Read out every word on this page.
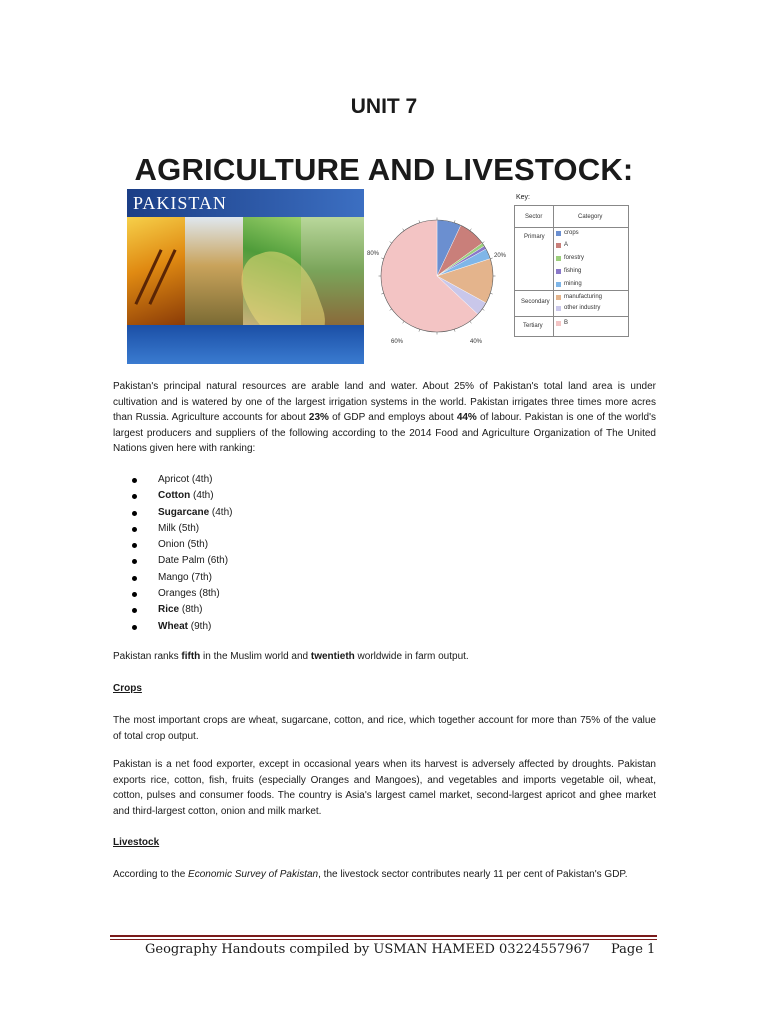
UNIT 7
AGRICULTURE AND LIVESTOCK:
PAKISTAN
20%
40%
60%
80%
Key:
Sector	Category
Primary
Secondary
Tertiary
crops
A
forestry
fishing
mining
manufacturing
other industry
B
Pakistan's principal natural resources are arable land and water. About 25% of Pakistan's total land area is under cultivation and is watered by one of the largest irrigation systems in the world. Pakistan irrigates three times more acres than Russia. Agriculture accounts for about 23% of GDP and employs about 44% of labour. Pakistan is one of the world's largest producers and suppliers of the following according to the 2014 Food and Agriculture Organization of The United Nations given here with ranking:
Apricot (4th)
Cotton (4th)
Sugarcane (4th)
Milk (5th)
Onion (5th)
Date Palm (6th)
Mango (7th)
Oranges (8th)
Rice (8th)
Wheat (9th)
Pakistan ranks fifth in the Muslim world and twentieth worldwide in farm output.
Crops
The most important crops are wheat, sugarcane, cotton, and rice, which together account for more than 75% of the value of total crop output.
Pakistan is a net food exporter, except in occasional years when its harvest is adversely affected by droughts. Pakistan exports rice, cotton, fish, fruits (especially Oranges and Mangoes), and vegetables and imports vegetable oil, wheat, cotton, pulses and consumer foods. The country is Asia's largest camel market, second-largest apricot and ghee market and third-largest cotton, onion and milk market.
Livestock
According to the Economic Survey of Pakistan, the livestock sector contributes nearly 11 per cent of Pakistan's GDP.
Geography Handouts compiled by USMAN HAMEED 03224557967 Page 1
